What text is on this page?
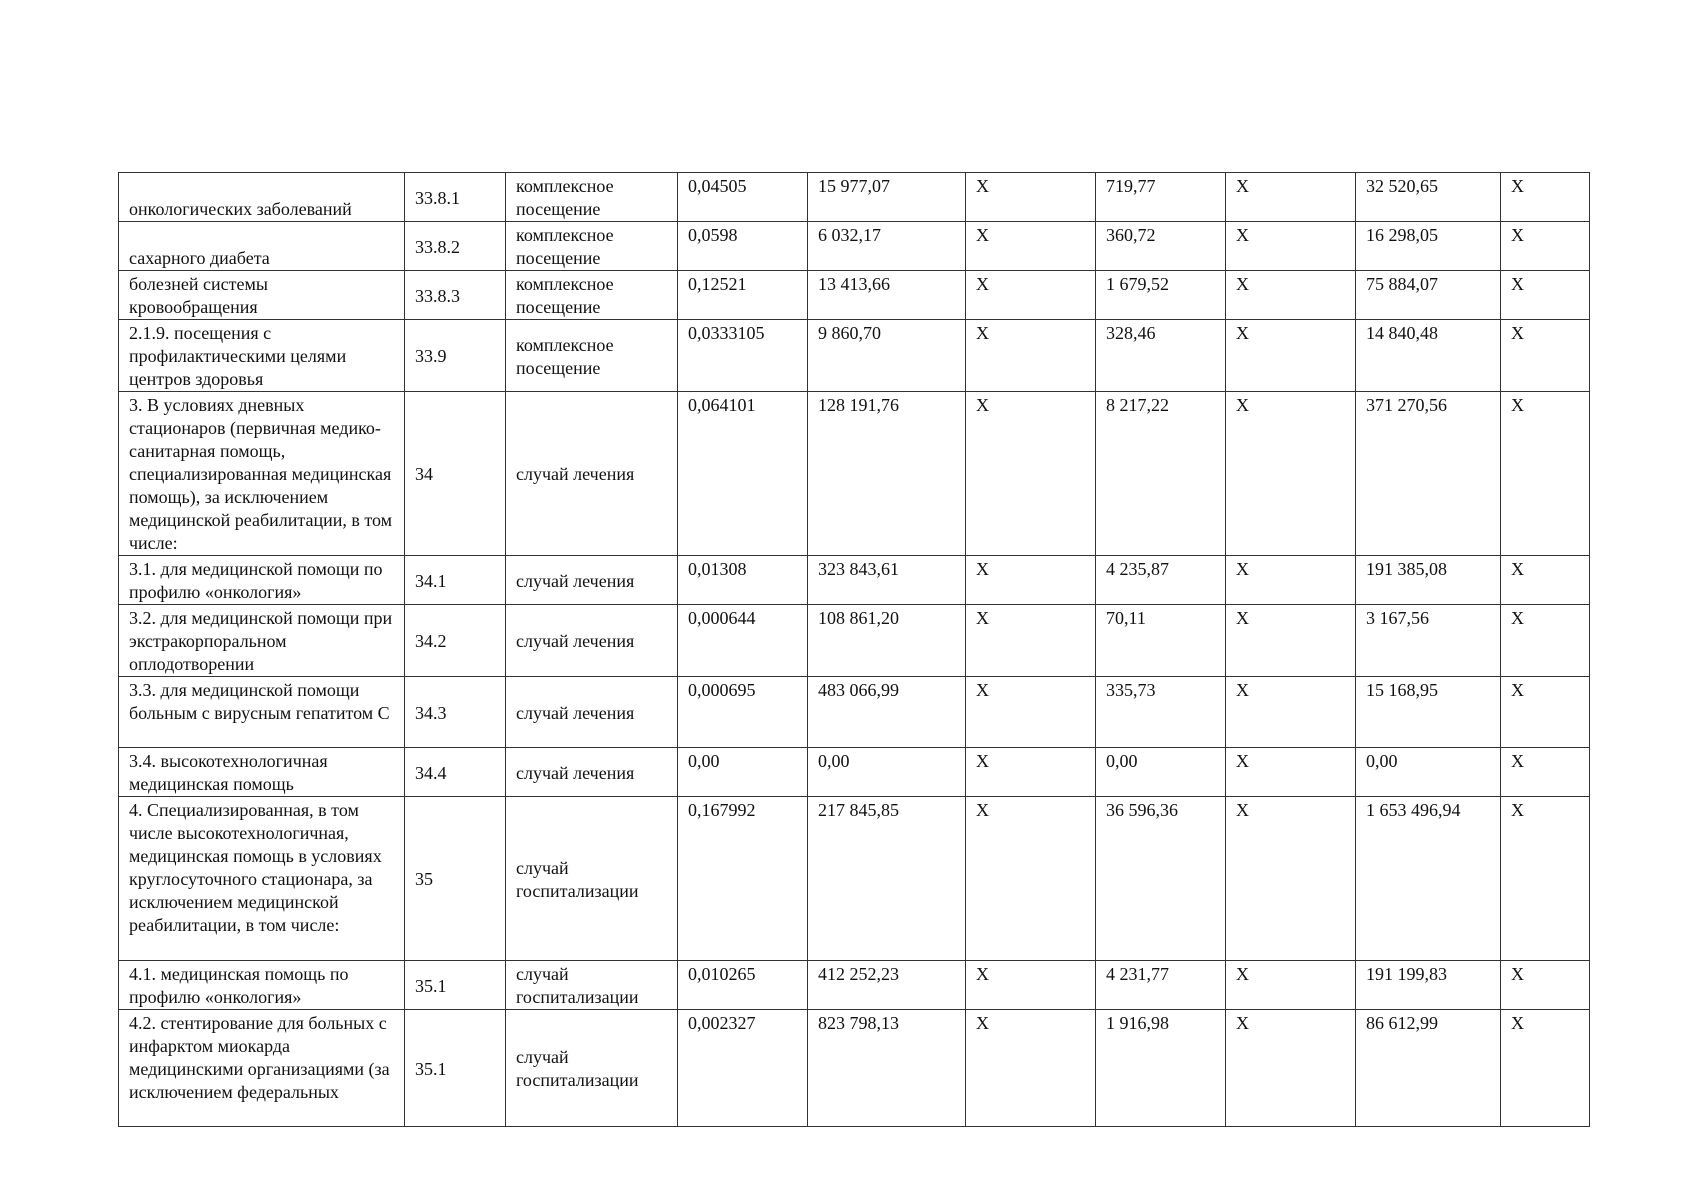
онкологических заболеваний	33.8.1	комплексное посещение	0,04505	15 977,07	X	719,77	X	32 520,65	X
сахарного диабета	33.8.2	комплексное посещение	0,0598	6 032,17	X	360,72	X	16 298,05	X
болезней системы кровообращения	33.8.3	комплексное посещение	0,12521	13 413,66	X	1 679,52	X	75 884,07	X
2.1.9. посещения с профилактическими целями центров здоровья	33.9	комплексное посещение	0,0333105	9 860,70	X	328,46	X	14 840,48	X
3. В условиях дневных стационаров (первичная медико-санитарная помощь, специализированная медицинская помощь), за исключением медицинской реабилитации, в том числе:	34	случай лечения	0,064101	128 191,76	X	8 217,22	X	371 270,56	X
3.1. для медицинской помощи по профилю «онкология»	34.1	случай лечения	0,01308	323 843,61	X	4 235,87	X	191 385,08	X
3.2. для медицинской помощи при экстракорпоральном оплодотворении	34.2	случай лечения	0,000644	108 861,20	X	70,11	X	3 167,56	X
3.3. для медицинской помощи больным с вирусным гепатитом С	34.3	случай лечения	0,000695	483 066,99	X	335,73	X	15 168,95	X
3.4. высокотехнологичная медицинская помощь	34.4	случай лечения	0,00	0,00	X	0,00	X	0,00	X
4. Специализированная, в том числе высокотехнологичная, медицинская помощь в условиях круглосуточного стационара, за исключением медицинской реабилитации, в том числе:	35	случай госпитализации	0,167992	217 845,85	X	36 596,36	X	1 653 496,94	X
4.1. медицинская помощь по профилю «онкология»	35.1	случай госпитализации	0,010265	412 252,23	X	4 231,77	X	191 199,83	X
4.2. стентирование для больных с инфарктом миокарда медицинскими организациями (за исключением федеральных	35.1	случай госпитализации	0,002327	823 798,13	X	1 916,98	X	86 612,99	X
